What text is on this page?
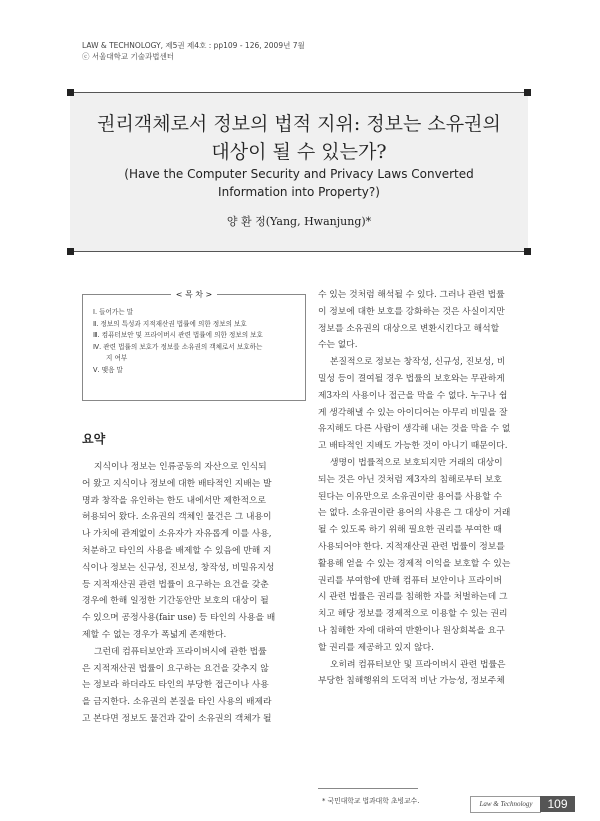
LAW & TECHNOLOGY, 제5권 제4호 : pp109 - 126, 2009년 7월
ⓒ 서울대학교 기술과법센터
권리객체로서 정보의 법적 지위: 정보는 소유권의
대상이 될 수 있는가?
(Have the Computer Security and Privacy Laws Converted
Information into Property?)
양 환 정(Yang, Hwanjung)*
< 목 차 >
Ⅰ. 들어가는 말
Ⅱ. 정보의 특성과 지적재산권 법률에 의한 정보의 보호
Ⅲ. 컴퓨터보안 및 프라이버시 관련 법률에 의한 정보의 보호
Ⅳ. 관련 법률의 보호가 정보를 소유권의 객체로서 보호하는
지 여부
Ⅴ. 맺음 말
요약

지식이나 정보는 인류공동의 자산으로 인식되

어 왔고 지식이나 정보에 대한 배타적인 지배는 발

명과 창작을 유인하는 한도 내에서만 제한적으로

허용되어 왔다. 소유권의 객체인 물건은 그 내용이

나 가치에 관계없이 소유자가 자유롭게 이를 사용,

처분하고 타인의 사용을 배제할 수 있음에 반해 지

식이나 정보는 신규성, 진보성, 창작성, 비밀유지성

등 지적재산권 관련 법률이 요구하는 요건을 갖춘

경우에 한해 일정한 기간동안만 보호의 대상이 될

수 있으며 공정사용(fair use) 등 타인의 사용을 배

제할 수 없는 경우가 폭넓게 존재한다.

그런데 컴퓨터보안과 프라이버시에 관한 법률

은 지적재산권 법률이 요구하는 요건을 갖추지 않

는 정보라 하더라도 타인의 부당한 접근이나 사용

을 금지한다. 소유권의 본질을 타인 사용의 배제라

고 본다면 정보도 물건과 같이 소유권의 객체가 될

수 있는 것처럼 해석될 수 있다. 그러나 관련 법률

이 정보에 대한 보호를 강화하는 것은 사실이지만

정보를 소유권의 대상으로 변환시킨다고 해석할

수는 없다.

본질적으로 정보는 창작성, 신규성, 진보성, 비

밀성 등이 결여될 경우 법률의 보호와는 무관하게

제3자의 사용이나 접근을 막을 수 없다. 누구나 쉽

게 생각해낼 수 있는 아이디어는 아무리 비밀을 잘

유지해도 다른 사람이 생각해 내는 것을 막을 수 없

고 배타적인 지배도 가능한 것이 아니기 때문이다.

생명이 법률적으로 보호되지만 거래의 대상이

되는 것은 아닌 것처럼 제3자의 침해로부터 보호

된다는 이유만으로 소유권이란 용어를 사용할 수

는 없다. 소유권이란 용어의 사용은 그 대상이 거래

될 수 있도록 하기 위해 필요한 권리를 부여한 때

사용되어야 한다. 지적재산권 관련 법률이 정보를

활용해 얻을 수 있는 경제적 이익을 보호할 수 있는

권리를 부여함에 반해 컴퓨터 보안이나 프라이버

시 관련 법률은 권리를 침해한 자를 처벌하는데 그

치고 해당 정보를 경제적으로 이용할 수 있는 권리

나 침해한 자에 대하여 반환이나 원상회복을 요구

할 권리를 제공하고 있지 않다.

오히려 컴퓨터보안 및 프라이버시 관련 법률은

부당한 침해행위의 도덕적 비난 가능성, 정보주체

* 국민대학교 법과대학 초빙교수.	Law & Technology	109
